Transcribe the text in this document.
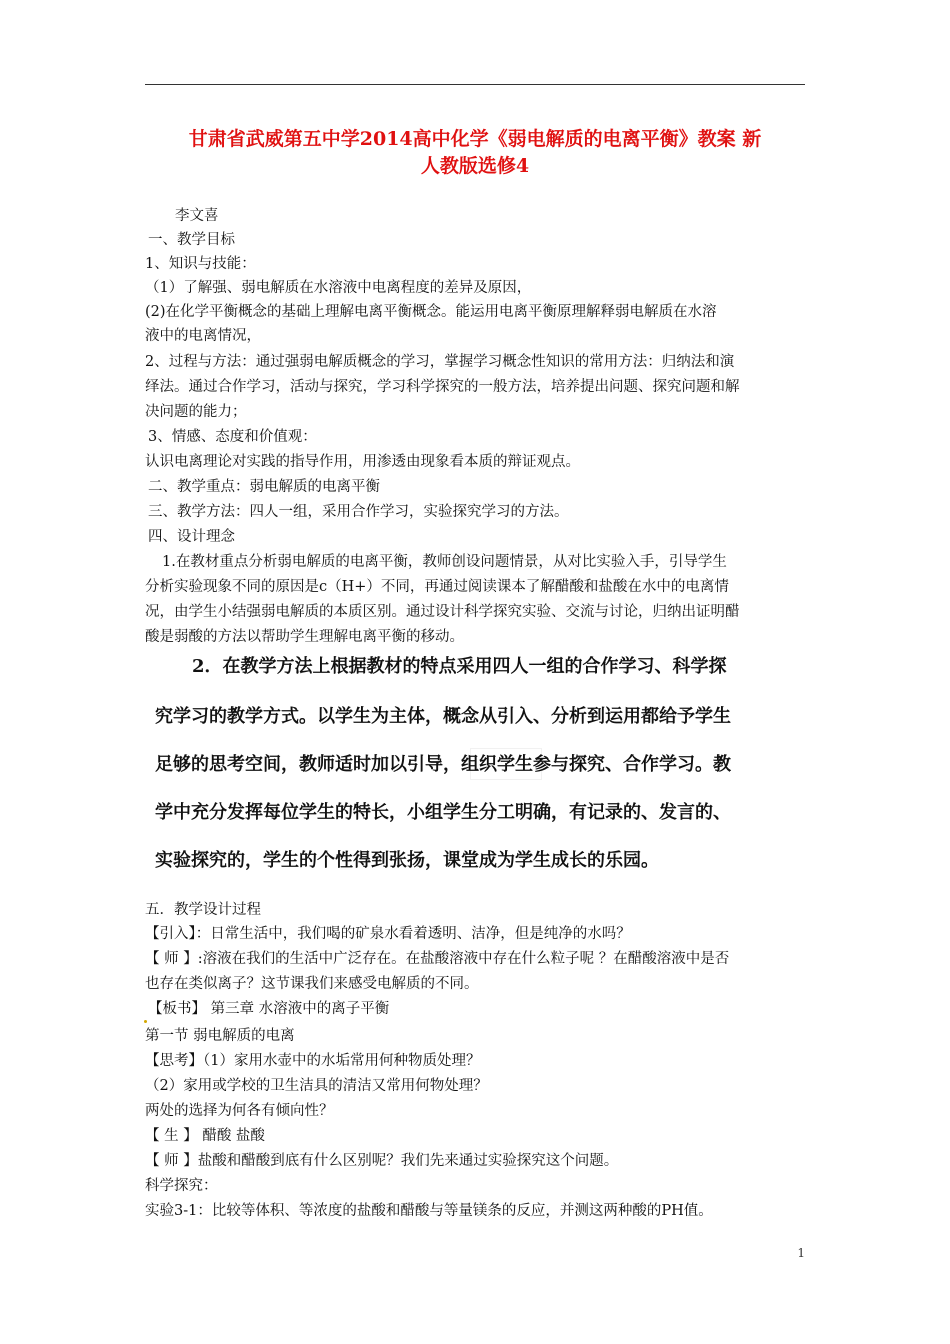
甘肃省武威第五中学2014高中化学《弱电解质的电离平衡》教案 新
人教版选修4
李文喜
一、教学目标
1、知识与技能：
（1）了解强、弱电解质在水溶液中电离程度的差异及原因，
(2)在化学平衡概念的基础上理解电离平衡概念。能运用电离平衡原理解释弱电解质在水溶
液中的电离情况，
2、过程与方法：通过强弱电解质概念的学习，掌握学习概念性知识的常用方法：归纳法和演
绎法。通过合作学习，活动与探究，学习科学探究的一般方法，培养提出问题、探究问题和解
决问题的能力；
3、情感、态度和价值观：
认识电离理论对实践的指导作用，用渗透由现象看本质的辩证观点。
二、教学重点：弱电解质的电离平衡
三、教学方法：四人一组，采用合作学习，实验探究学习的方法。
四、设计理念
1.在教材重点分析弱电解质的电离平衡，教师创设问题情景，从对比实验入手，引导学生
分析实验现象不同的原因是c（H+）不同，再通过阅读课本了解醋酸和盐酸在水中的电离情
况，由学生小结强弱电解质的本质区别。通过设计科学探究实验、交流与讨论，归纳出证明醋
酸是弱酸的方法以帮助学生理解电离平衡的移动。
2．在教学方法上根据教材的特点采用四人一组的合作学习、科学探
究学习的教学方式。以学生为主体，概念从引入、分析到运用都给予学生
足够的思考空间，教师适时加以引导，组织学生参与探究、合作学习。教
学中充分发挥每位学生的特长，小组学生分工明确，有记录的、发言的、
实验探究的，学生的个性得到张扬，课堂成为学生成长的乐园。
五．教学设计过程
【引入】：日常生活中，我们喝的矿泉水看着透明、洁净，但是纯净的水吗？
【 师 】:溶液在我们的生活中广泛存在。在盐酸溶液中存在什么粒子呢 ？在醋酸溶液中是否
也存在类似离子？这节课我们来感受电解质的不同。
【板书】 第三章 水溶液中的离子平衡
第一节 弱电解质的电离
【思考】（1）家用水壶中的水垢常用何种物质处理？
（2）家用或学校的卫生洁具的清洁又常用何物处理？
两处的选择为何各有倾向性？
【 生 】 醋酸 盐酸
【 师 】盐酸和醋酸到底有什么区别呢？我们先来通过实验探究这个问题。
科学探究：
实验3-1：比较等体积、等浓度的盐酸和醋酸与等量镁条的反应，并测这两种酸的PH值。
1
